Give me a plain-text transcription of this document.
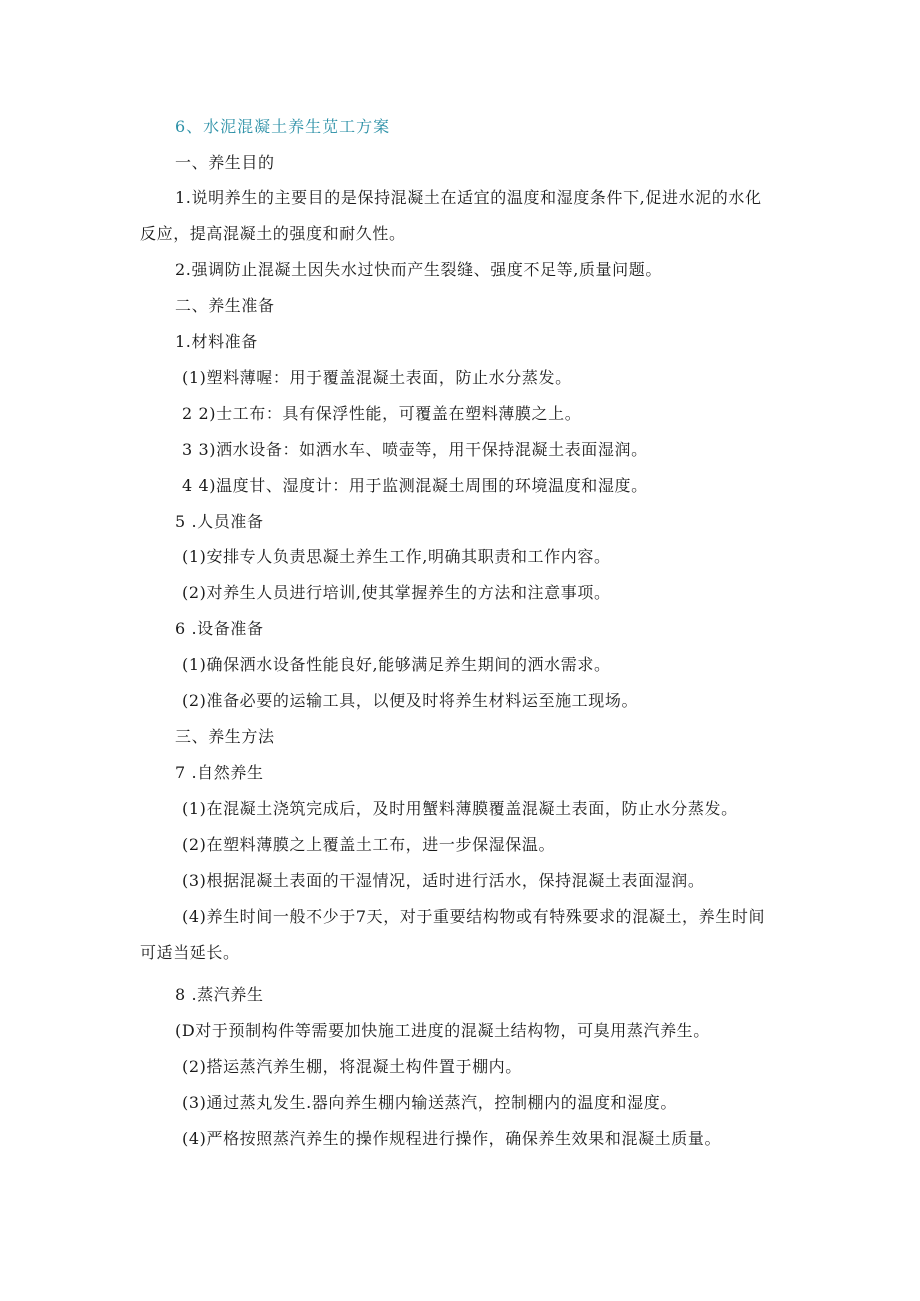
6、水泥混凝土养生苋工方案
一、养生目的
1.说明养生的主要目的是保持混凝土在适宜的温度和湿度条件下,促进水泥的水化
反应，提高混凝土的强度和耐久性。
2.强调防止混凝土因失水过快而产生裂缝、强度不足等,质量问题。
二、养生准备
1.材料准备
(1)塑料薄喔：用于覆盖混凝土表面，防止水分蒸发。
2 2)士工布：具有保浮性能，可覆盖在塑料薄膜之上。
3 3)洒水设备：如洒水车、喷壶等，用干保持混凝土表面湿润。
4 4)温度甘、湿度计：用于监测混凝土周围的环境温度和湿度。
5 .人员准备
(1)安排专人负责思凝土养生工作,明确其职责和工作内容。
(2)对养生人员进行培训,使其掌握养生的方法和注意事项。
6 .设备准备
(1)确保洒水设备性能良好,能够满足养生期间的洒水需求。
(2)准备必要的运输工具，以便及时将养生材料运至施工现场。
三、养生方法
7 .自然养生
(1)在混凝土浇筑完成后，及时用蟹料薄膜覆盖混凝土表面，防止水分蒸发。
(2)在塑料薄膜之上覆盖土工布，进一步保湿保温。
(3)根据混凝土表面的干湿情况，适时进行活水，保持混凝土表面湿润。
(4)养生时间一般不少于7天，对于重要结构物或有特殊要求的混凝土，养生时间
可适当延长。
8 .蒸汽养生
(D对于预制构件等需要加快施工进度的混凝土结构物，可臭用蒸汽养生。
(2)搭运蒸汽养生棚，将混凝土构件置于棚内。
(3)通过蒸丸发生.器向养生棚内输送蒸汽，控制棚内的温度和湿度。
(4)严格按照蒸汽养生的操作规程进行操作，确保养生效果和混凝土质量。
